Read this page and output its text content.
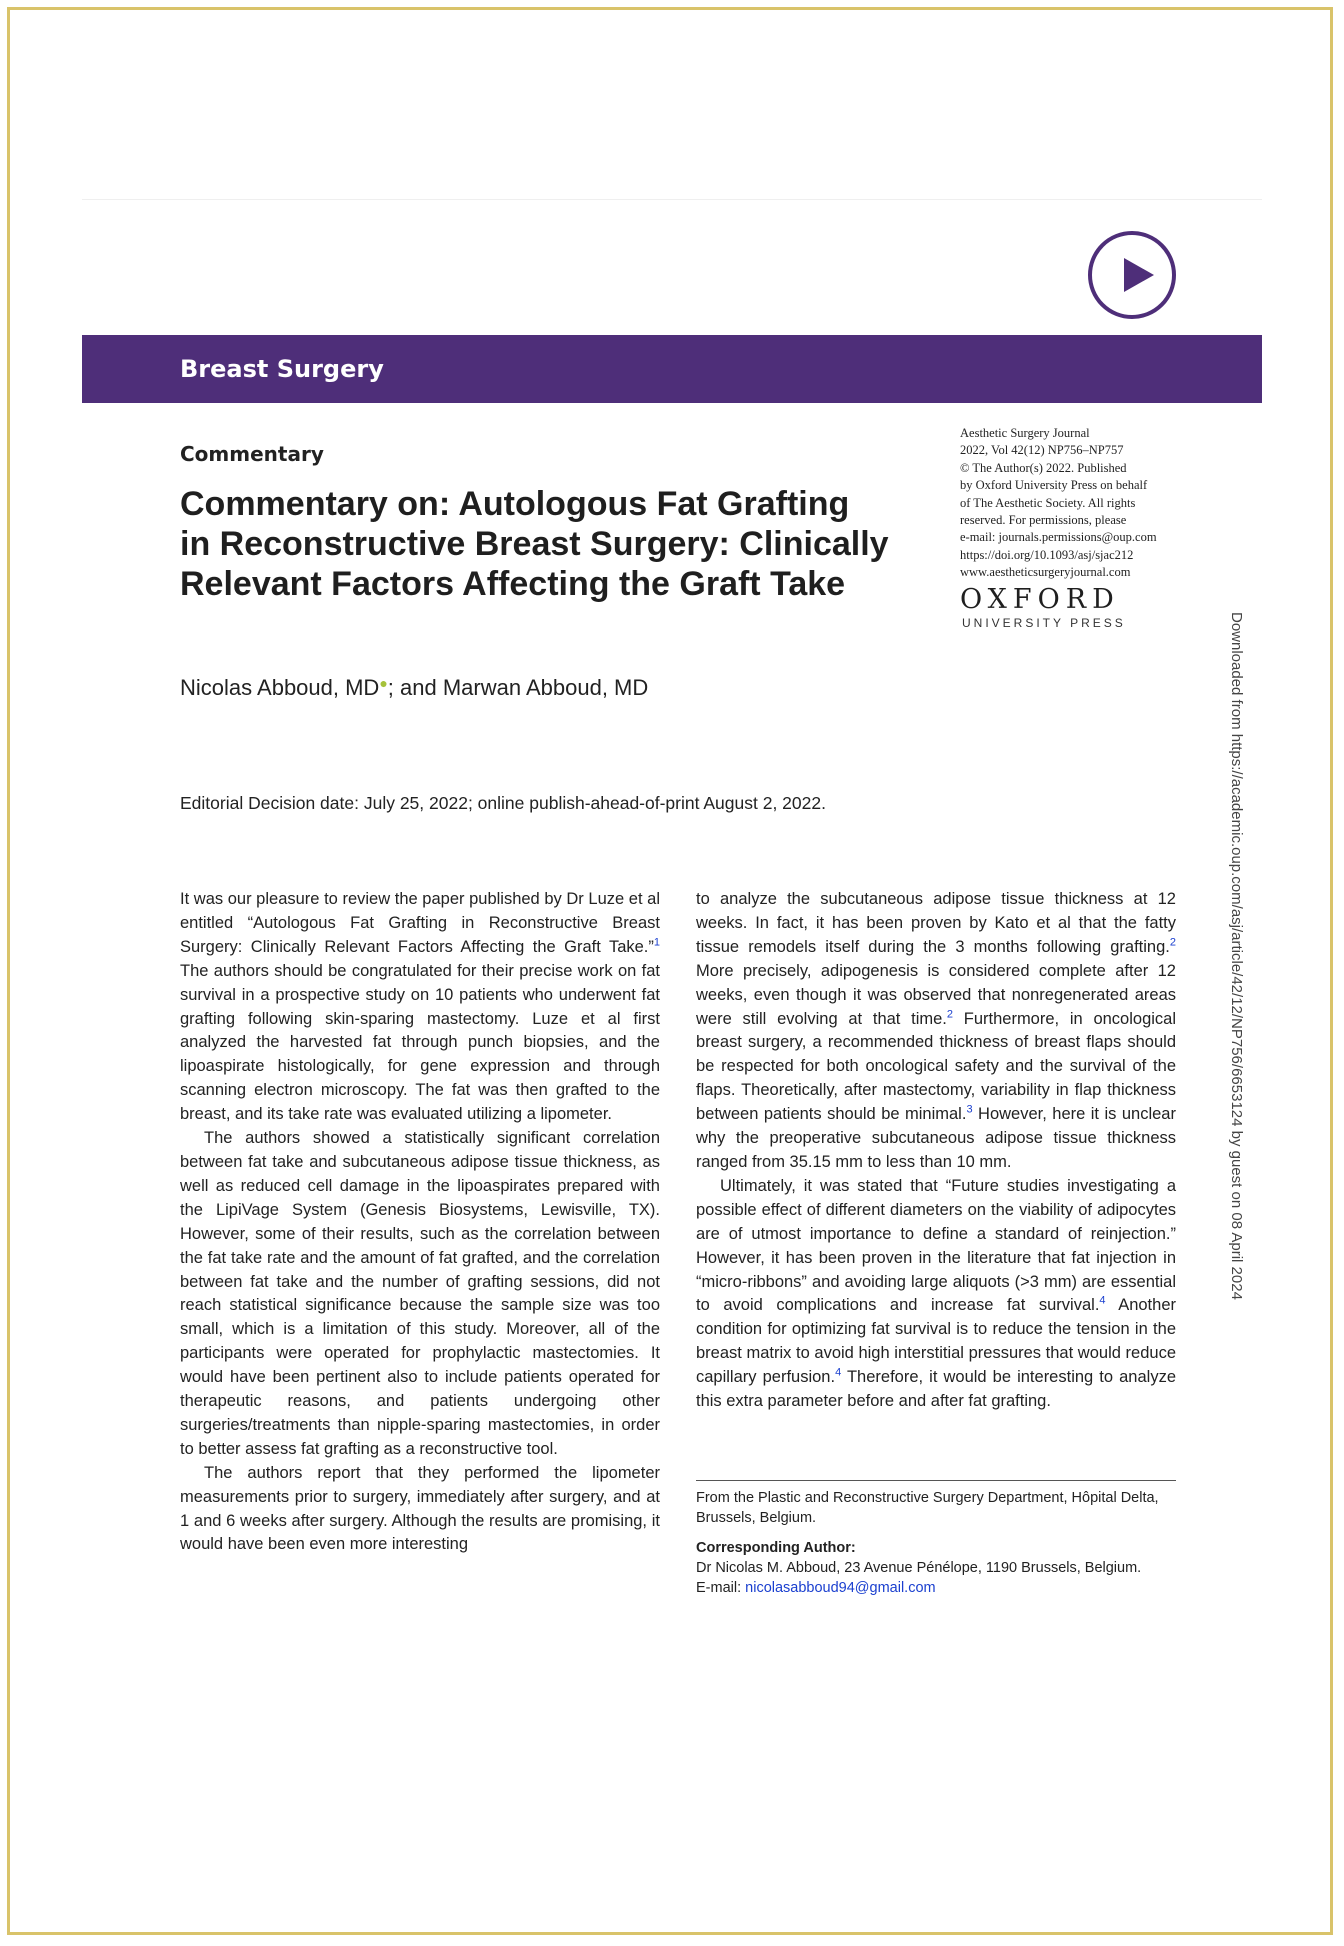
Breast Surgery
Commentary
Commentary on: Autologous Fat Grafting
in Reconstructive Breast Surgery: Clinically
Relevant Factors Affecting the Graft Take
Aesthetic Surgery Journal
2022, Vol 42(12) NP756–NP757
© The Author(s) 2022. Published
by Oxford University Press on behalf
of The Aesthetic Society. All rights
reserved. For permissions, please
e-mail: journals.permissions@oup.com
https://doi.org/10.1093/asj/sjac212
www.aestheticsurgeryjournal.com
OXFORD
UNIVERSITY PRESS
Nicolas Abboud, MD●; and Marwan Abboud, MD
Editorial Decision date: July 25, 2022; online publish-ahead-of-print August 2, 2022.	Downloaded from https://academic.oup.com/asj/article/42/12/NP756/6653124 by guest on 08 April 2024

It was our pleasure to review the paper published by Dr Luze et al entitled “Autologous Fat Grafting in Reconstructive Breast Surgery: Clinically Relevant Factors Affecting the Graft Take.”$^1$ The authors should be congratulated for their precise work on fat survival in a prospective study on 10 patients who underwent fat grafting following skin-sparing mastectomy. Luze et al first analyzed the harvested fat through punch biopsies, and the lipoaspirate histologically, for gene expression and through scanning electron microscopy. The fat was then grafted to the breast, and its take rate was evaluated utilizing a lipometer.

The authors showed a statistically significant correlation between fat take and subcutaneous adipose tissue thickness, as well as reduced cell damage in the lipoaspirates prepared with the LipiVage System (Genesis Biosystems, Lewisville, TX). However, some of their results, such as the correlation between the fat take rate and the amount of fat grafted, and the correlation between fat take and the number of grafting sessions, did not reach statistical significance because the sample size was too small, which is a limitation of this study. Moreover, all of the participants were operated for prophylactic mastectomies. It would have been pertinent also to include patients operated for therapeutic reasons, and patients undergoing other surgeries/treatments than nipple-sparing mastectomies, in order to better assess fat grafting as a reconstructive tool.

The authors report that they performed the lipometer measurements prior to surgery, immediately after surgery, and at 1 and 6 weeks after surgery. Although the results are promising, it would have been even more interesting

to analyze the subcutaneous adipose tissue thickness at 12 weeks. In fact, it has been proven by Kato et al that the fatty tissue remodels itself during the 3 months following grafting.$^2$ More precisely, adipogenesis is considered complete after 12 weeks, even though it was observed that nonregenerated areas were still evolving at that time.$^2$ Furthermore, in oncological breast surgery, a recommended thickness of breast flaps should be respected for both oncological safety and the survival of the flaps. Theoretically, after mastectomy, variability in flap thickness between patients should be minimal.$^3$ However, here it is unclear why the preoperative subcutaneous adipose tissue thickness ranged from 35.15 mm to less than 10 mm.

Ultimately, it was stated that “Future studies investigating a possible effect of different diameters on the viability of adipocytes are of utmost importance to define a standard of reinjection.” However, it has been proven in the literature that fat injection in “micro-ribbons” and avoiding large aliquots (>3 mm) are essential to avoid complications and increase fat survival.$^4$ Another condition for optimizing fat survival is to reduce the tension in the breast matrix to avoid high interstitial pressures that would reduce capillary perfusion.$^4$ Therefore, it would be interesting to analyze this extra parameter before and after fat grafting.

From the Plastic and Reconstructive Surgery Department, Hôpital Delta, Brussels, Belgium.

Corresponding Author:

Dr Nicolas M. Abboud, 23 Avenue Pénélope, 1190 Brussels, Belgium.

E-mail: nicolasabboud94@gmail.com
